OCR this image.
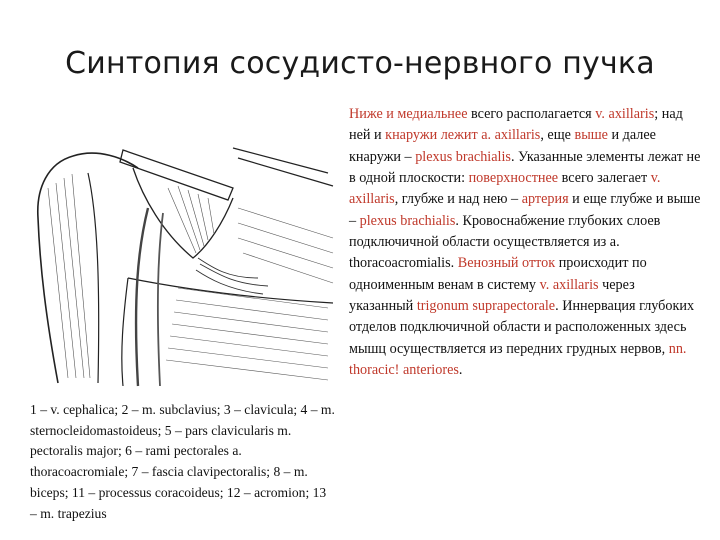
Синтопия сосудисто-нервного пучка
1 – v. cephalica; 2 – m. subclavius; 3 – clavicula; 4 – m. sternocleidomastoideus; 5 – pars clavicularis m. pectoralis major; 6 – rami pectorales a. thoracoacromiale; 7 – fascia clavipectoralis; 8 – m. biceps; 11 – processus coracoideus; 12 – acromion; 13 – m. trapezius
Ниже и медиальнее всего располагается v. axillaris; над ней и кнаружи лежит a. axillaris, еще выше и далее кнаружи – plexus brachialis. Указанные элементы лежат не в одной плоскости: поверхностнее всего залегает v. axillaris, глубже и над нею – артерия и еще глубже и выше – plexus brachialis. Кровоснабжение глубоких слоев подключичной области осуществляется из a. thoracoacromialis. Венозный отток происходит по одноименным венам в систему v. axillaris через указанный trigonum suprapectorale. Иннервация глубоких отделов подключичной области и расположенных здесь мышц осуществляется из передних грудных нервов, nn. thoracic! anteriores.
